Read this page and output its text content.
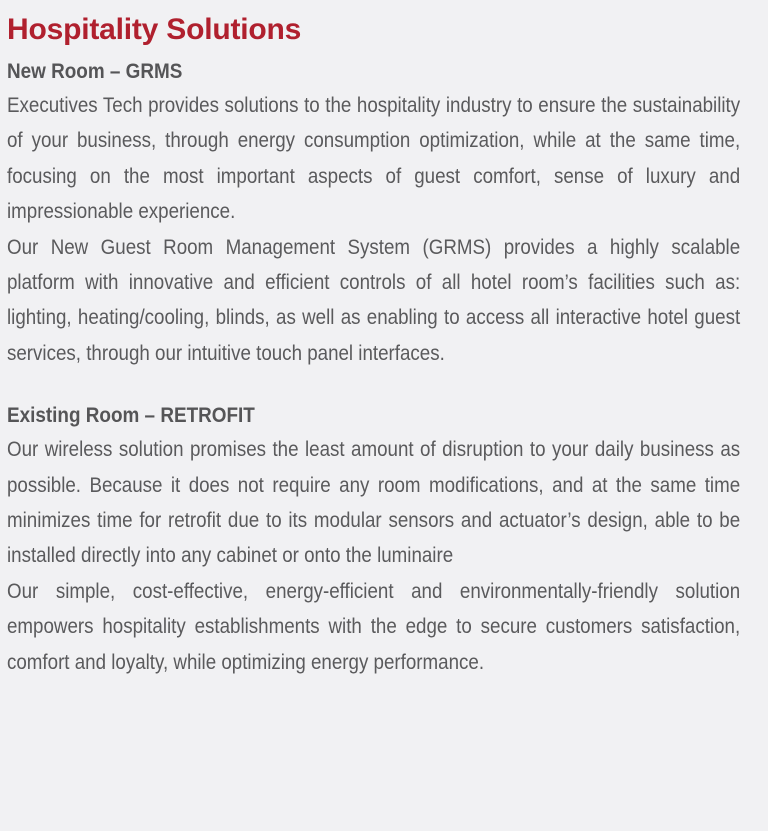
Hospitality Solutions
New Room – GRMS

Executives Tech provides solutions to the hospitality industry to ensure the sustainability of your business, through energy consumption optimization, while at the same time, focusing on the most important aspects of guest comfort, sense of luxury and impressionable experience.

Our New Guest Room Management System (GRMS) provides a highly scalable platform with innovative and efficient controls of all hotel room’s facilities such as: lighting, heating/cooling, blinds, as well as enabling to access all interactive hotel guest services, through our intuitive touch panel interfaces.

Existing Room – RETROFIT

Our wireless solution promises the least amount of disruption to your daily business as possible. Because it does not require any room modifications, and at the same time minimizes time for retrofit due to its modular sensors and actuator’s design, able to be installed directly into any cabinet or onto the luminaire

Our simple, cost-effective, energy-efficient and environmentally-friendly solution empowers hospitality establishments with the edge to secure customers satisfaction, comfort and loyalty, while optimizing energy performance.
